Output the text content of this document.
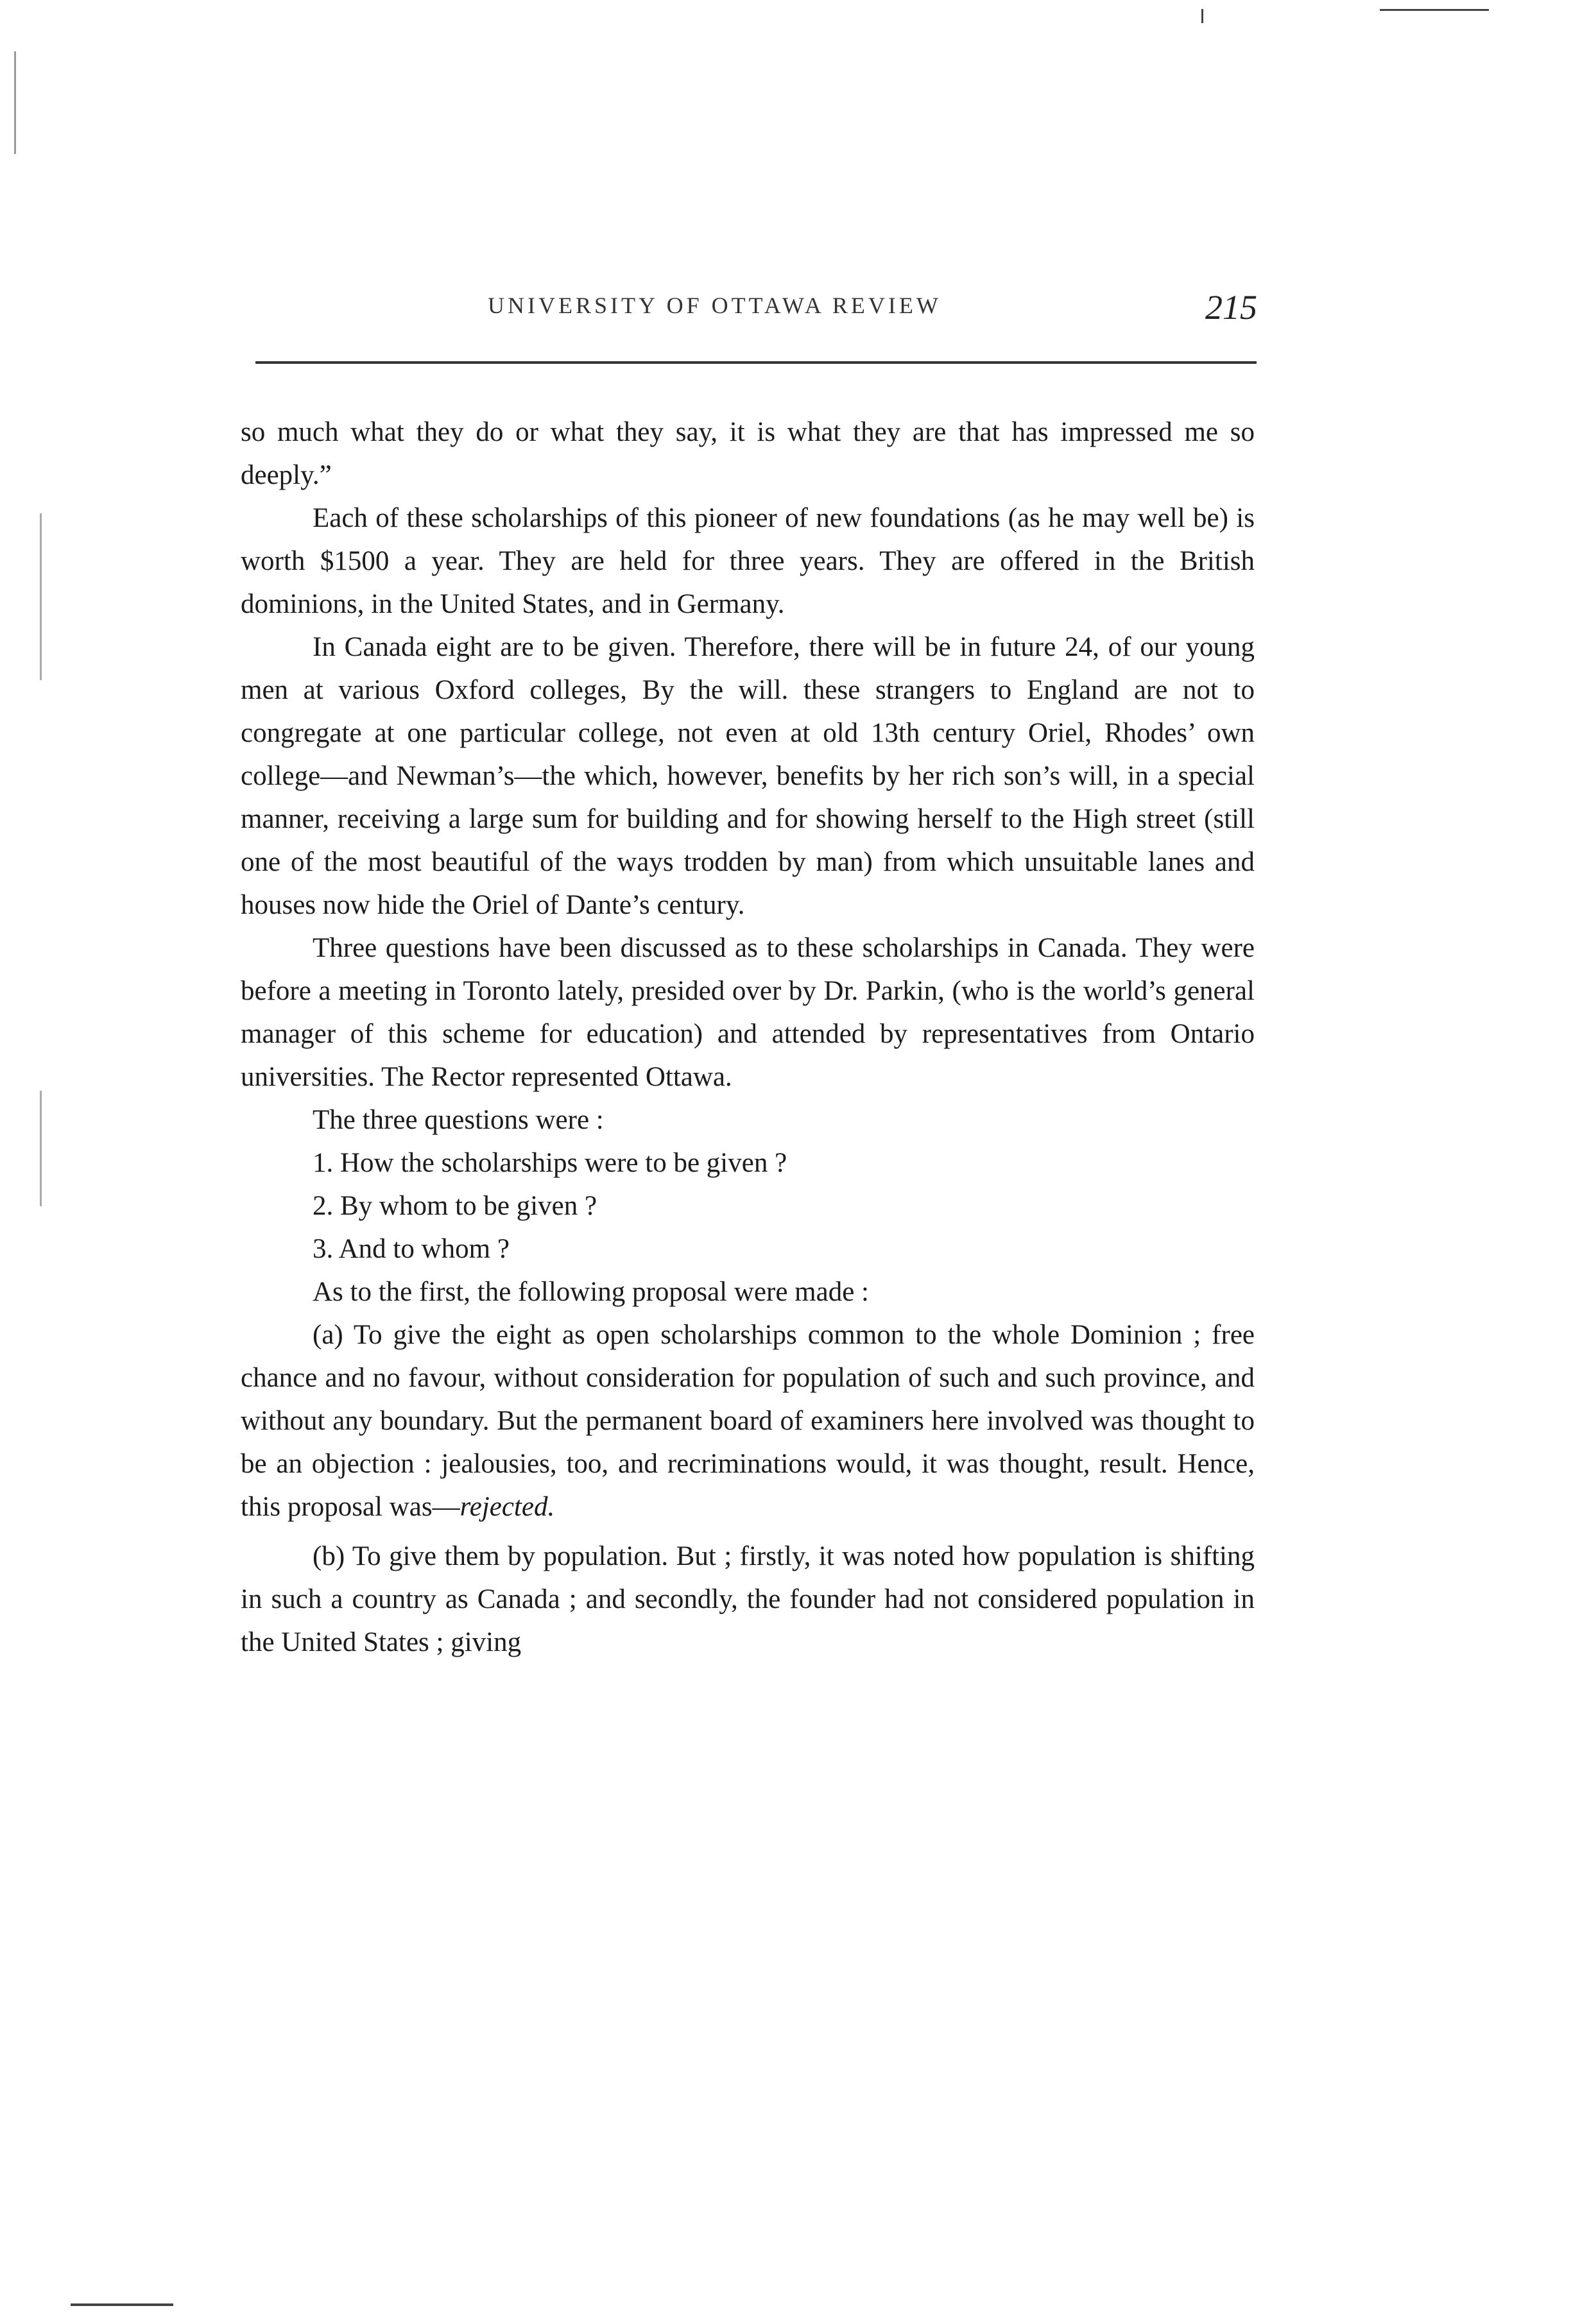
UNIVERSITY OF OTTAWA REVIEW	215

so much what they do or what they say, it is what they are that has impressed me so deeply.”

Each of these scholarships of this pioneer of new foundations (as he may well be) is worth $1500 a year. They are held for three years. They are offered in the British dominions, in the United States, and in Germany.

In Canada eight are to be given. Therefore, there will be in future 24, of our young men at various Oxford colleges, By the will. these strangers to England are not to congregate at one particular college, not even at old 13th century Oriel, Rhodes’ own college—and Newman’s—the which, however, benefits by her rich son’s will, in a special manner, receiving a large sum for building and for showing herself to the High street (still one of the most beautiful of the ways trodden by man) from which unsuitable lanes and houses now hide the Oriel of Dante’s century.

Three questions have been discussed as to these scholarships in Canada. They were before a meeting in Toronto lately, presided over by Dr. Parkin, (who is the world’s general manager of this scheme for education) and attended by representatives from Ontario universities. The Rector represented Ottawa.

The three questions were :

1. How the scholarships were to be given ?

2. By whom to be given ?

3. And to whom ?

As to the first, the following proposal were made :

(a) To give the eight as open scholarships common to the whole Dominion ; free chance and no favour, without consideration for population of such and such province, and without any boundary. But the permanent board of examiners here involved was thought to be an objection : jealousies, too, and recriminations would, it was thought, result. Hence, this proposal was—rejected.

(b) To give them by population. But ; firstly, it was noted how population is shifting in such a country as Canada ; and secondly, the founder had not considered population in the United States ; giving
